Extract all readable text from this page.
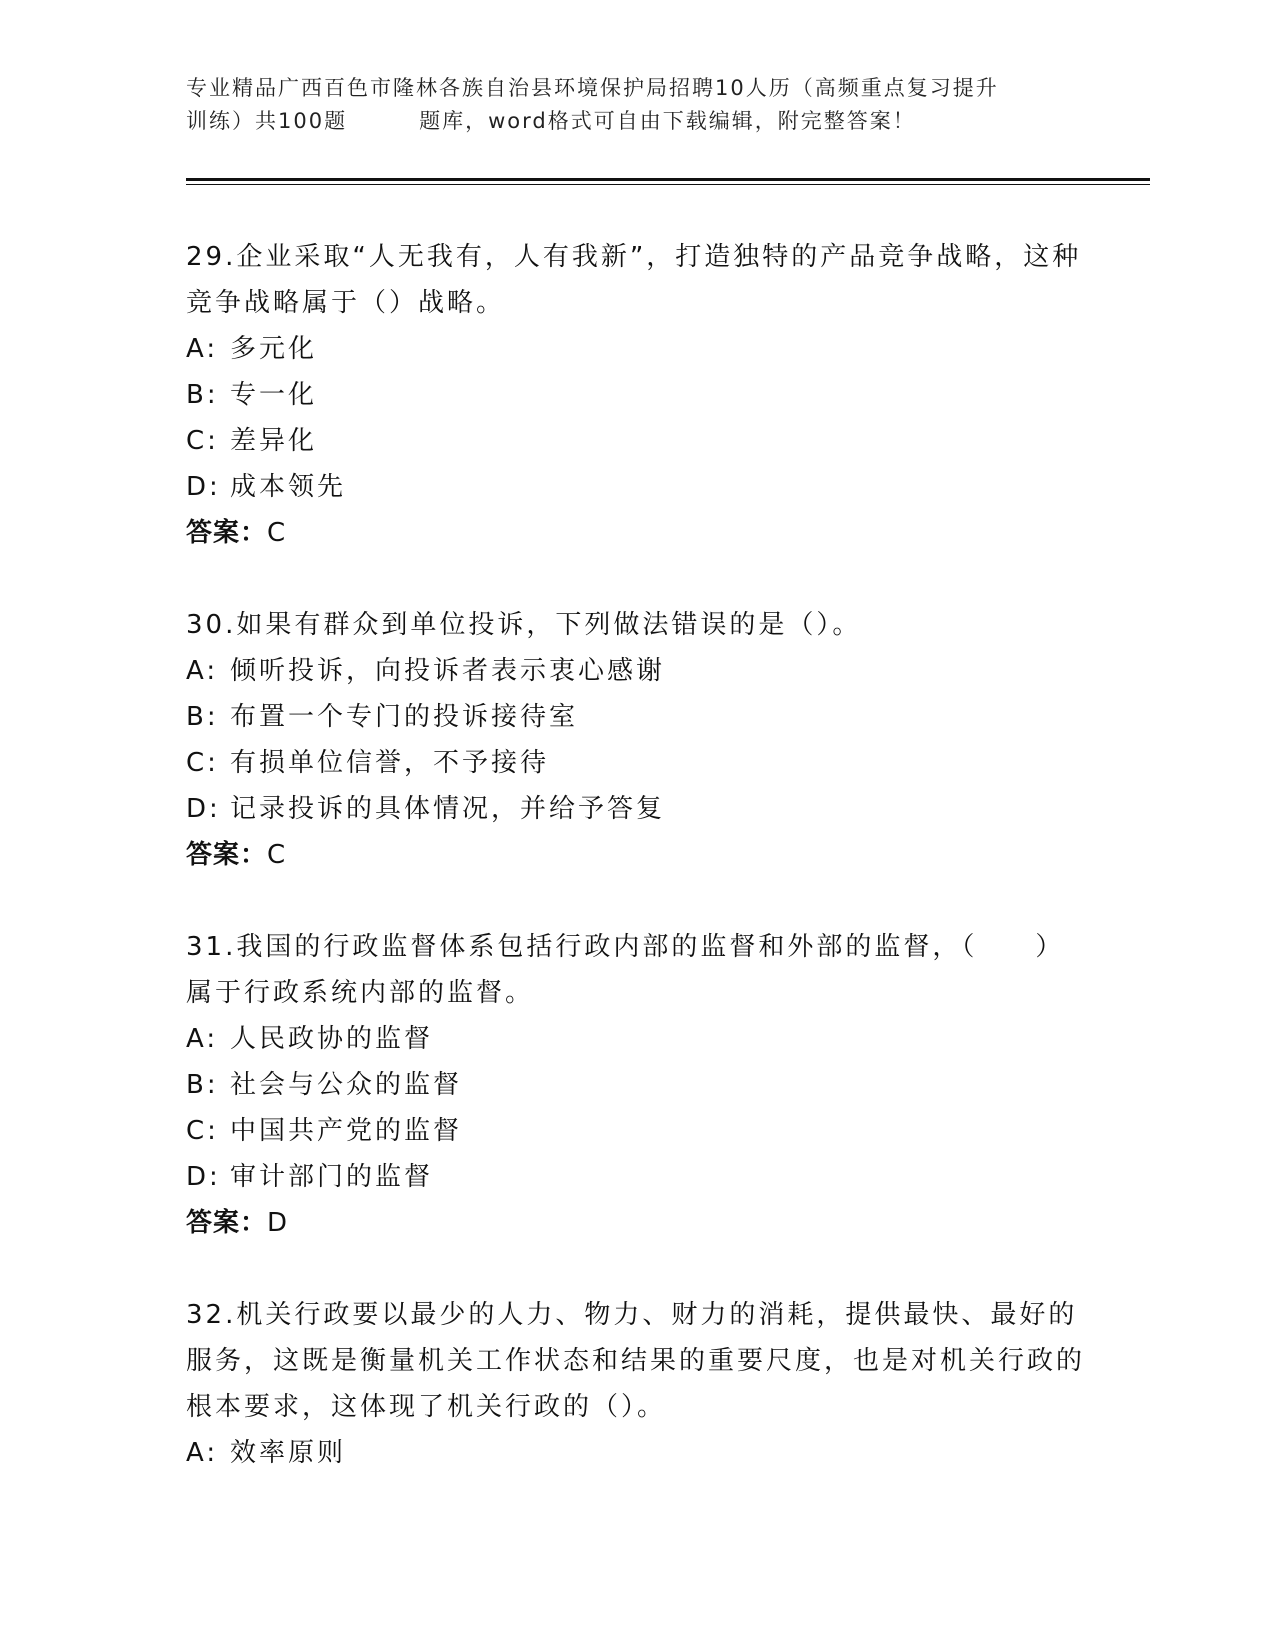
专业精品广西百色市隆林各族自治县环境保护局招聘10人历（高频重点复习提升
训练）共100题	题库，word格式可自由下载编辑，附完整答案！

29.企业采取“人无我有，人有我新”，打造独特的产品竞争战略，这种竞争战略属于（）战略。

A: 多元化

B: 专一化

C: 差异化

D: 成本领先

答案：C

30.如果有群众到单位投诉，下列做法错误的是（）。

A: 倾听投诉，向投诉者表示衷心感谢

B: 布置一个专门的投诉接待室

C: 有损单位信誉，不予接待

D: 记录投诉的具体情况，并给予答复

答案：C

31.我国的行政监督体系包括行政内部的监督和外部的监督，（　　）属于行政系统内部的监督。

A: 人民政协的监督

B: 社会与公众的监督

C: 中国共产党的监督

D: 审计部门的监督

答案：D

32.机关行政要以最少的人力、物力、财力的消耗，提供最快、最好的服务，这既是衡量机关工作状态和结果的重要尺度，也是对机关行政的根本要求，这体现了机关行政的（）。

A: 效率原则
